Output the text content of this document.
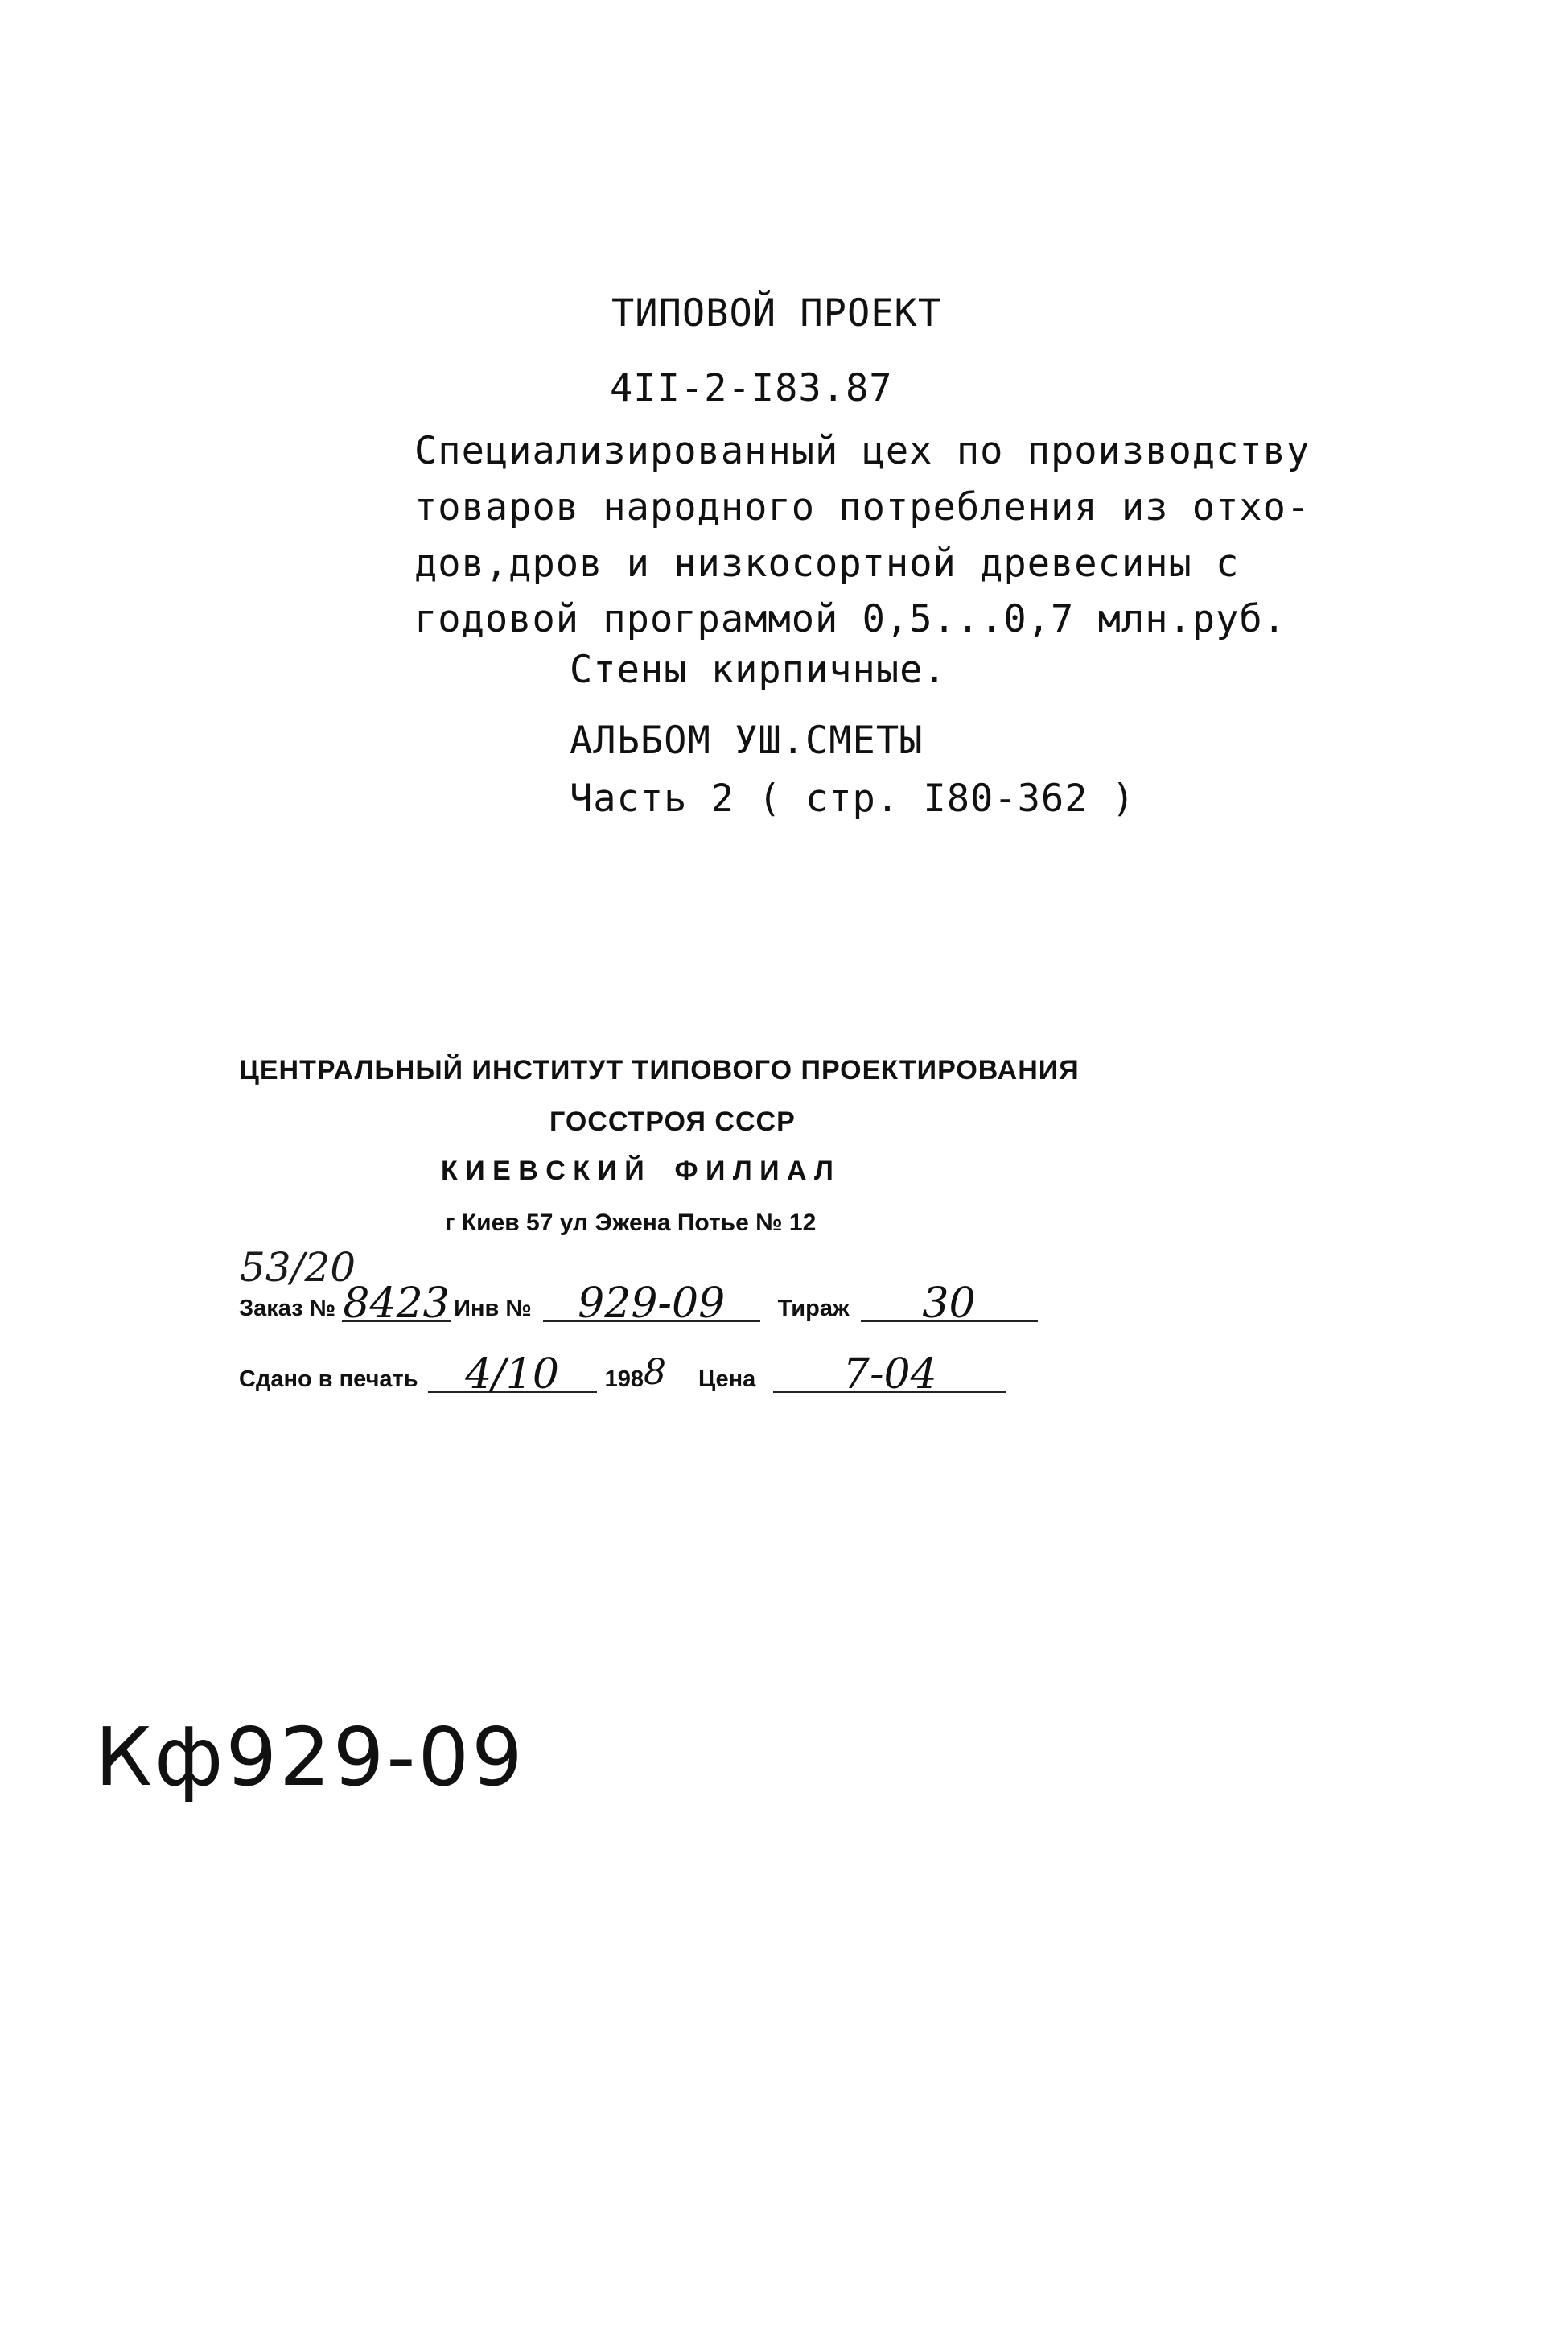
ТИПОВОЙ ПРОЕКТ
4II-2-I83.87
Специализированный цех по производству
товаров народного потребления из отхо-
дов,дров и низкосортной древесины с
годовой программой 0,5...0,7 млн.руб.
Стены кирпичные.
АЛЬБОМ УШ.СМЕТЫ
Часть 2 ( стр. I80-362 )
ЦЕНТРАЛЬНЫЙ ИНСТИТУТ ТИПОВОГО ПРОЕКТИРОВАНИЯ
ГОССТРОЯ СССР
К И Е В С К И Й    Ф И Л И А Л
г Киев 57 ул Эжена Потье № 12
53/20
Заказ № 8423 Инв №	929-09	Тираж	30
Сдано в печать	4/10	198 8 Цена	7-04
Кф929-09
